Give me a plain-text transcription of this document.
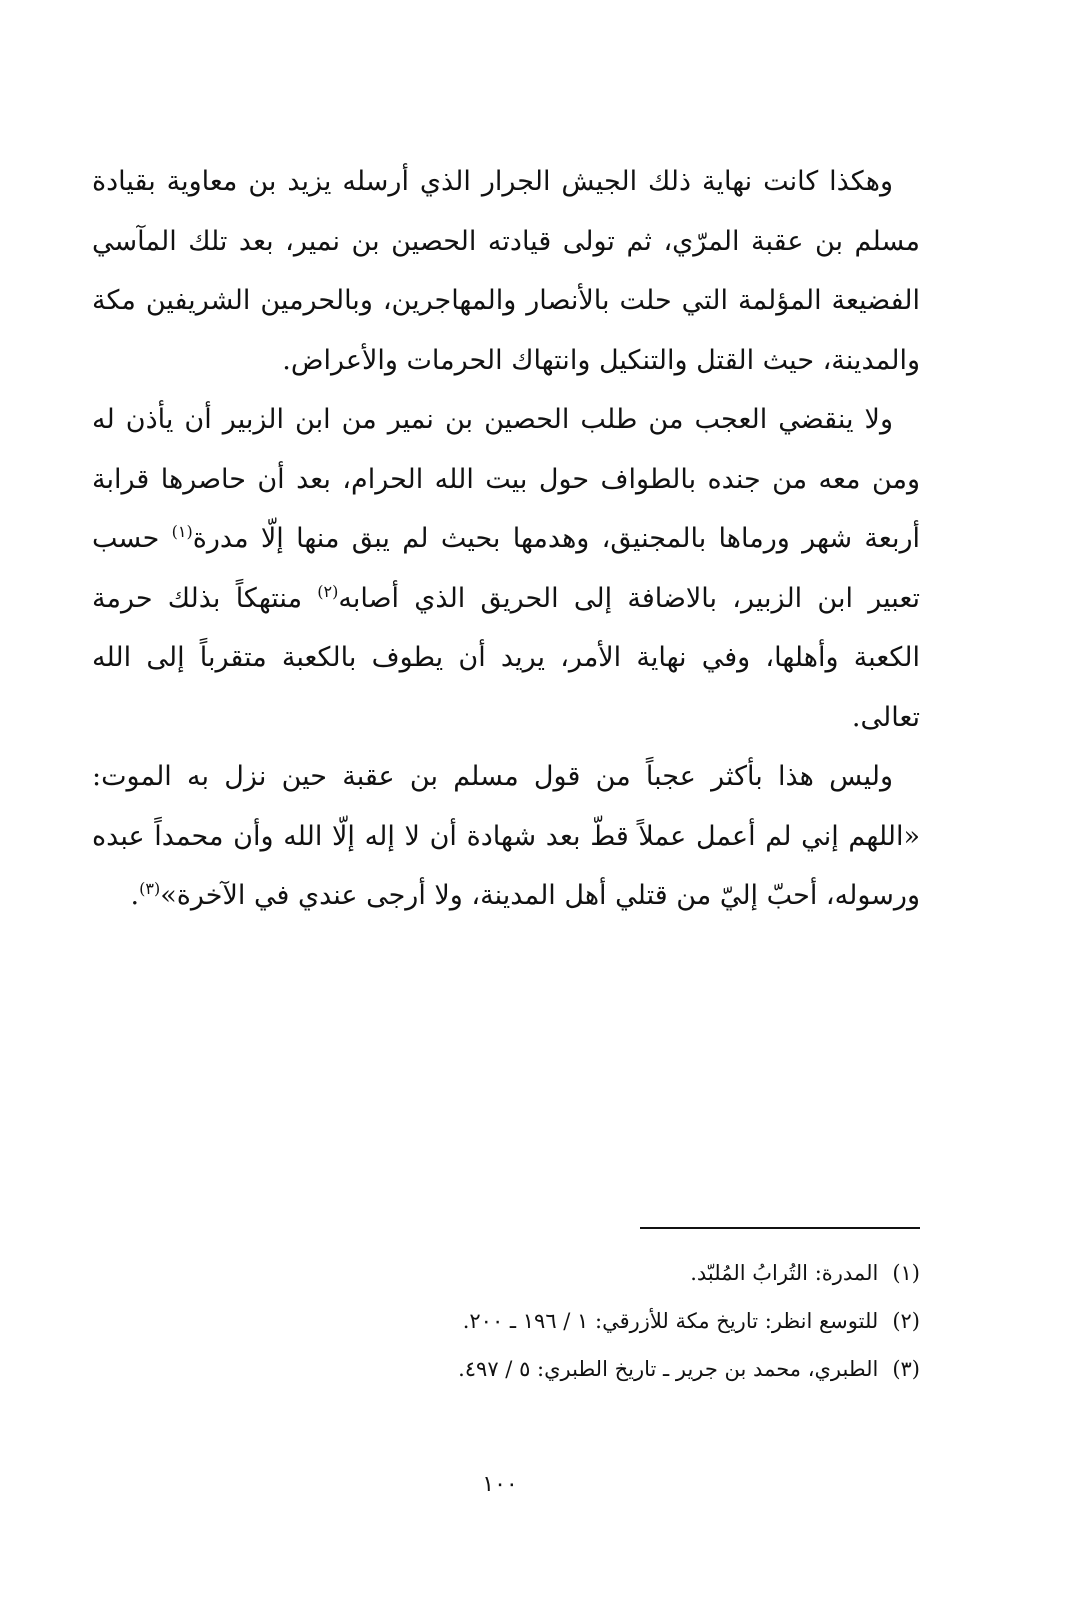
وهكذا كانت نهاية ذلك الجيش الجرار الذي أرسله يزيد بن معاوية بقيادة مسلم بن عقبة المرّي، ثم تولى قيادته الحصين بن نمير، بعد تلك المآسي الفضيعة المؤلمة التي حلت بالأنصار والمهاجرين، وبالحرمين الشريفين مكة والمدينة، حيث القتل والتنكيل وانتهاك الحرمات والأعراض.

ولا ينقضي العجب من طلب الحصين بن نمير من ابن الزبير أن يأذن له ومن معه من جنده بالطواف حول بيت الله الحرام، بعد أن حاصرها قرابة أربعة شهر ورماها بالمجنيق، وهدمها بحيث لم يبق منها إلّا مدرة$^{(١)}$ حسب تعبير ابن الزبير، بالاضافة إلى الحريق الذي أصابه$^{(٢)}$ منتهكاً بذلك حرمة الكعبة وأهلها، وفي نهاية الأمر، يريد أن يطوف بالكعبة متقرباً إلى الله تعالى.

وليس هذا بأكثر عجباً من قول مسلم بن عقبة حين نزل به الموت: «اللهم إني لم أعمل عملاً قطّ بعد شهادة أن لا إله إلّا الله وأن محمداً عبده ورسوله، أحبّ إليّ من قتلي أهل المدينة، ولا أرجى عندي في الآخرة»$^{(٣)}$.

(١)المدرة: التُرابُ المُلبّد.
(٢)للتوسع انظر: تاريخ مكة للأزرقي: ١ / ١٩٦ ـ ٢٠٠.
(٣)الطبري، محمد بن جرير ـ تاريخ الطبري: ٥ / ٤٩٧.
١٠٠
